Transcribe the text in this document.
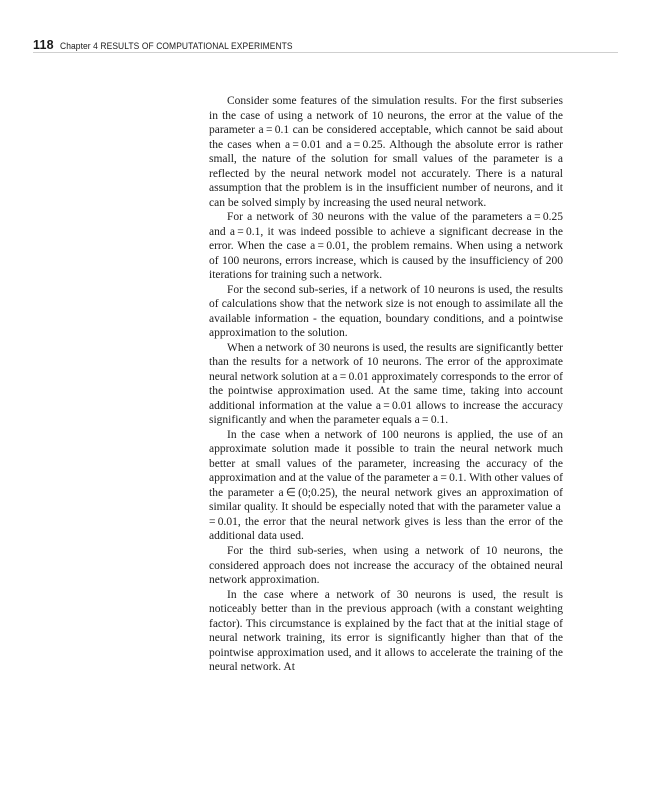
118 Chapter 4 RESULTS OF COMPUTATIONAL EXPERIMENTS

Consider some features of the simulation results. For the first subseries in the case of using a network of 10 neurons, the error at the value of the parameter a = 0.1 can be considered acceptable, which cannot be said about the cases when a = 0.01 and a = 0.25. Although the absolute error is rather small, the nature of the solution for small values of the parameter is a reflected by the neural network model not accurately. There is a natural assumption that the problem is in the insufficient number of neurons, and it can be solved simply by increasing the used neural network.

For a network of 30 neurons with the value of the parameters a = 0.25 and a = 0.1, it was indeed possible to achieve a significant decrease in the error. When the case a = 0.01, the problem remains. When using a network of 100 neurons, errors increase, which is caused by the insufficiency of 200 iterations for training such a network.

For the second sub-series, if a network of 10 neurons is used, the results of calculations show that the network size is not enough to assimilate all the available information - the equation, boundary conditions, and a pointwise approximation to the solution.

When a network of 30 neurons is used, the results are significantly better than the results for a network of 10 neurons. The error of the approximate neural network solution at a = 0.01 approximately corresponds to the error of the pointwise approximation used. At the same time, taking into account additional information at the value a = 0.01 allows to increase the accuracy significantly and when the parameter equals a = 0.1.

In the case when a network of 100 neurons is applied, the use of an approximate solution made it possible to train the neural network much better at small values of the parameter, increasing the accuracy of the approximation and at the value of the parameter a = 0.1. With other values of the parameter a ∈ (0;0.25), the neural network gives an approximation of similar quality. It should be especially noted that with the parameter value a = 0.01, the error that the neural network gives is less than the error of the additional data used.

For the third sub-series, when using a network of 10 neurons, the considered approach does not increase the accuracy of the obtained neural network approximation.

In the case where a network of 30 neurons is used, the result is noticeably better than in the previous approach (with a constant weighting factor). This circumstance is explained by the fact that at the initial stage of neural network training, its error is significantly higher than that of the pointwise approximation used, and it allows to accelerate the training of the neural network. At
